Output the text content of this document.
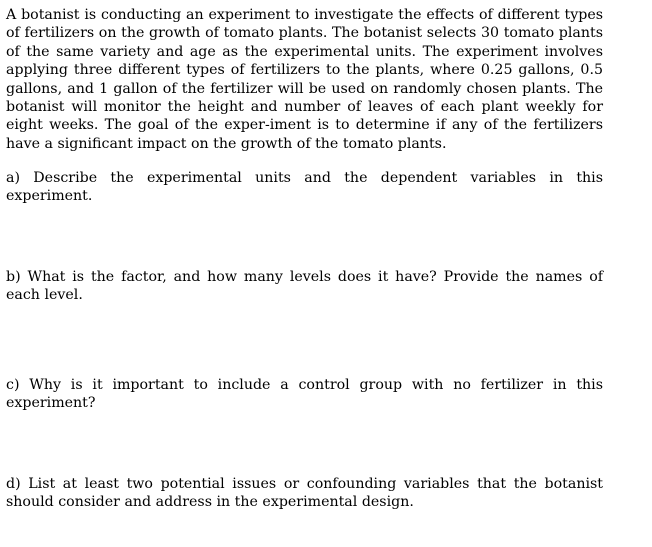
A botanist is conducting an experiment to investigate the effects of different types of fertilizers on the growth of tomato plants. The botanist selects 30 tomato plants of the same variety and age as the experimental units. The experiment involves applying three different types of fertilizers to the plants, where 0.25 gallons, 0.5 gallons, and 1 gallon of the fertilizer will be used on randomly chosen plants. The botanist will monitor the height and number of leaves of each plant weekly for eight weeks. The goal of the exper-iment is to determine if any of the fertilizers have a significant impact on the growth of the tomato plants.

a) Describe the experimental units and the dependent variables in this experiment.

b) What is the factor, and how many levels does it have? Provide the names of each level.

c) Why is it important to include a control group with no fertilizer in this experiment?

d) List at least two potential issues or confounding variables that the botanist should consider and address in the experimental design.
